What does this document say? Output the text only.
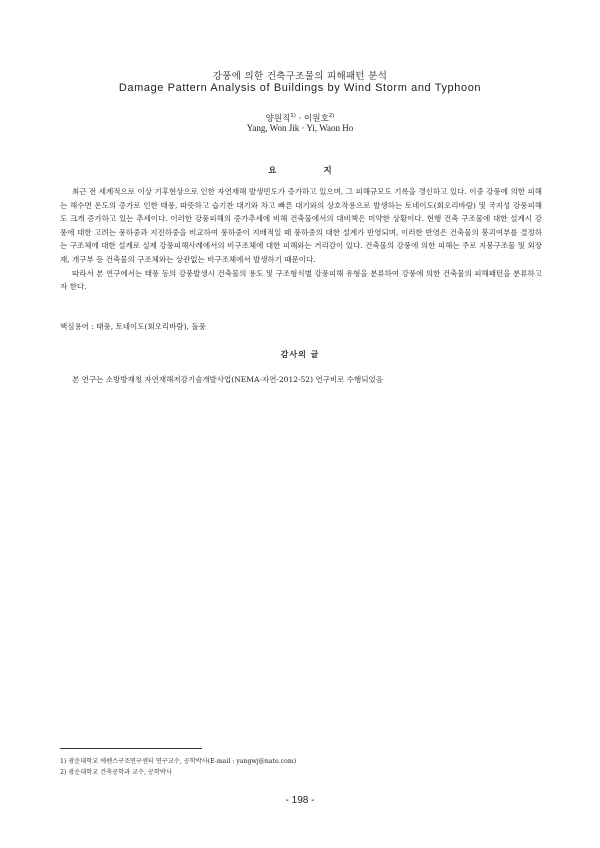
강풍에 의한 건축구조물의 피해패턴 분석
Damage Pattern Analysis of Buildings by Wind Storm and Typhoon
양원직$^{1)}$ · 이원호$^{2)}$
Yang, Won Jik · Yi, Waon Ho
요 지

최근 전 세계적으로 이상 기후현상으로 인한 자연재해 발생빈도가 증가하고 있으며, 그 피해규모도 기록을 갱신하고 있다. 이중 강풍에 의한 피해는 해수면 온도의 증가로 인한 태풍, 따뜻하고 습기찬 대기와 차고 빠른 대기와의 상호작용으로 발생하는 토네이도(회오리바람) 및 국지성 강풍피해도 크게 증가하고 있는 추세이다. 이러한 강풍피해의 증가추세에 비해 건축물에서의 대비책은 미약한 상황이다. 현행 건축 구조물에 대한 설계시 강풍에 대한 고려는 풍하중과 지진하중을 비교하여 풍하중이 지배적일 때 풍하중의 대한 설계가 반영되며, 이러한 반영은 건축물의 붕괴여부를 결정하는 구조체에 대한 설계로 실제 강풍피해사례에서의 비구조체에 대한 피해와는 거리감이 있다. 건축물의 강풍에 의한 피해는 주로 지붕구조물 및 외장재, 개구부 등 건축물의 구조체와는 상관없는 비구조체에서 발생하기 때문이다.

따라서 본 연구에서는 태풍 등의 강풍발생시 건축물의 용도 및 구조형식별 강풍피해 유형을 분류하여 강풍에 의한 건축물의 피해패턴을 분류하고자 한다.

핵심용어 : 태풍, 토네이도(회오리바람), 돌풍
감사의 글
본 연구는 소방방재청 자연재해저감기술개발사업(NEMA-자연-2012-52) 연구비로 수행되었음
1) 광운대학교 에쎈스구조연구센터 연구교수, 공학박사(E-mail : yangwj@nate.com)
2) 광운대학교 건축공학과 교수, 공학박사
- 198 -
